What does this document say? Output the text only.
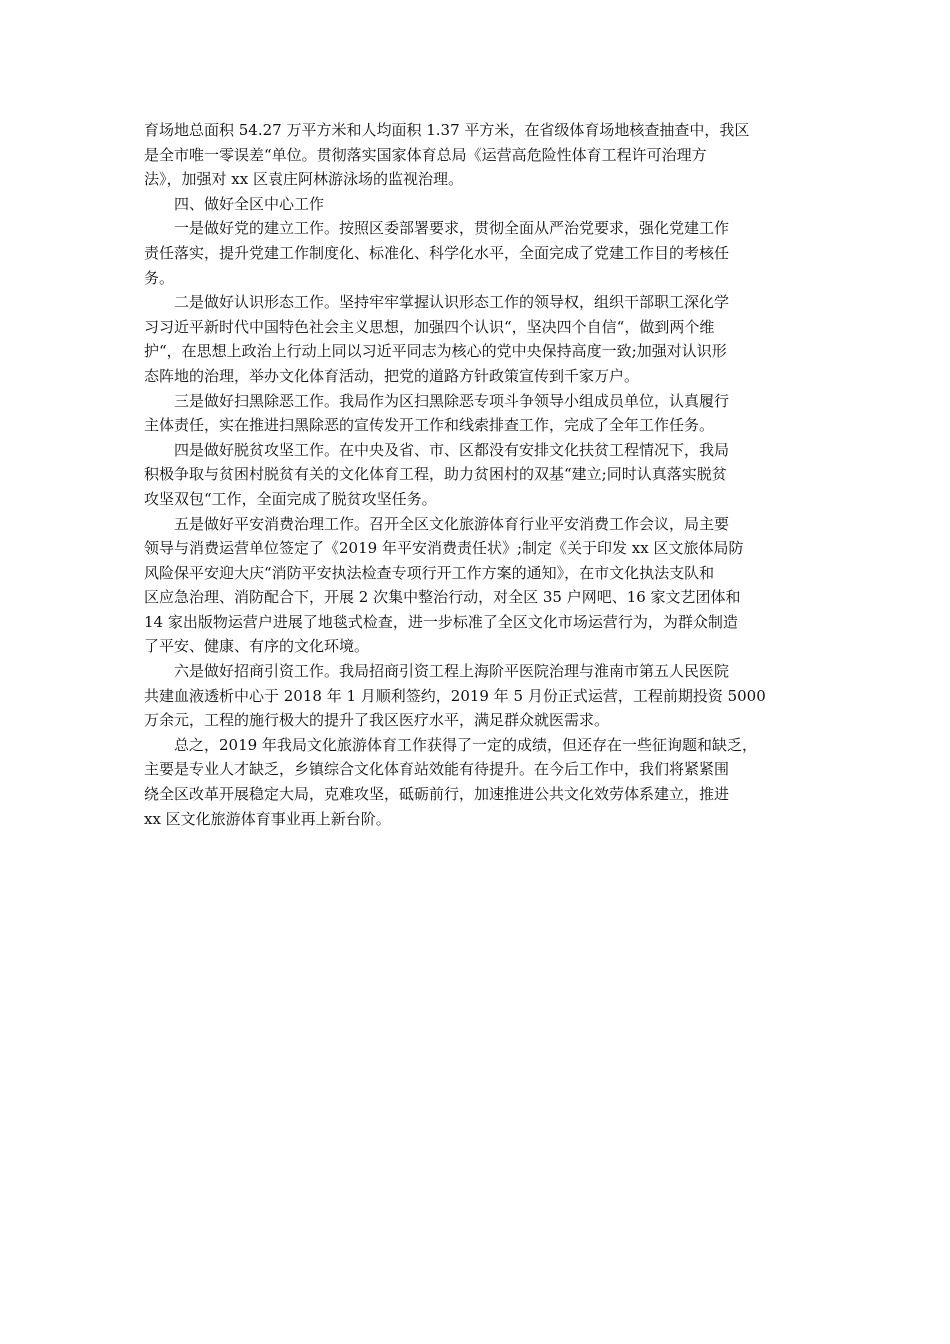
育场地总面积 54.27 万平方米和人均面积 1.37 平方米，在省级体育场地核查抽查中，我区
是全市唯一零误差“单位。贯彻落实国家体育总局《运营高危险性体育工程许可治理方
法》，加强对 xx 区袁庄阿林游泳场的监视治理。

四、做好全区中心工作

一是做好党的建立工作。按照区委部署要求，贯彻全面从严治党要求，强化党建工作
责任落实，提升党建工作制度化、标准化、科学化水平，全面完成了党建工作目的考核任
务。

二是做好认识形态工作。坚持牢牢掌握认识形态工作的领导权，组织干部职工深化学
习习近平新时代中国特色社会主义思想，加强四个认识“，坚决四个自信“，做到两个维
护“，在思想上政治上行动上同以习近平同志为核心的党中央保持高度一致;加强对认识形
态阵地的治理，举办文化体育活动，把党的道路方针政策宣传到千家万户。

三是做好扫黑除恶工作。我局作为区扫黑除恶专项斗争领导小组成员单位，认真履行
主体责任，实在推进扫黑除恶的宣传发开工作和线索排查工作，完成了全年工作任务。

四是做好脱贫攻坚工作。在中央及省、市、区都没有安排文化扶贫工程情况下，我局
积极争取与贫困村脱贫有关的文化体育工程，助力贫困村的双基“建立;同时认真落实脱贫
攻坚双包“工作，全面完成了脱贫攻坚任务。

五是做好平安消费治理工作。召开全区文化旅游体育行业平安消费工作会议，局主要
领导与消费运营单位签定了《2019 年平安消费责任状》;制定《关于印发 xx 区文旅体局防
风险保平安迎大庆“消防平安执法检查专项行开工作方案的通知》，在市文化执法支队和
区应急治理、消防配合下，开展 2 次集中整治行动，对全区 35 户网吧、16 家文艺团体和
14 家出版物运营户进展了地毯式检查，进一步标准了全区文化市场运营行为，为群众制造
了平安、健康、有序的文化环境。

六是做好招商引资工作。我局招商引资工程上海阶平医院治理与淮南市第五人民医院
共建血液透析中心于 2018 年 1 月顺利签约，2019 年 5 月份正式运营，工程前期投资 5000
万余元，工程的施行极大的提升了我区医疗水平，满足群众就医需求。

总之，2019 年我局文化旅游体育工作获得了一定的成绩，但还存在一些征询题和缺乏，
主要是专业人才缺乏，乡镇综合文化体育站效能有待提升。在今后工作中，我们将紧紧围
绕全区改革开展稳定大局，克难攻坚，砥砺前行，加速推进公共文化效劳体系建立，推进
xx 区文化旅游体育事业再上新台阶。
